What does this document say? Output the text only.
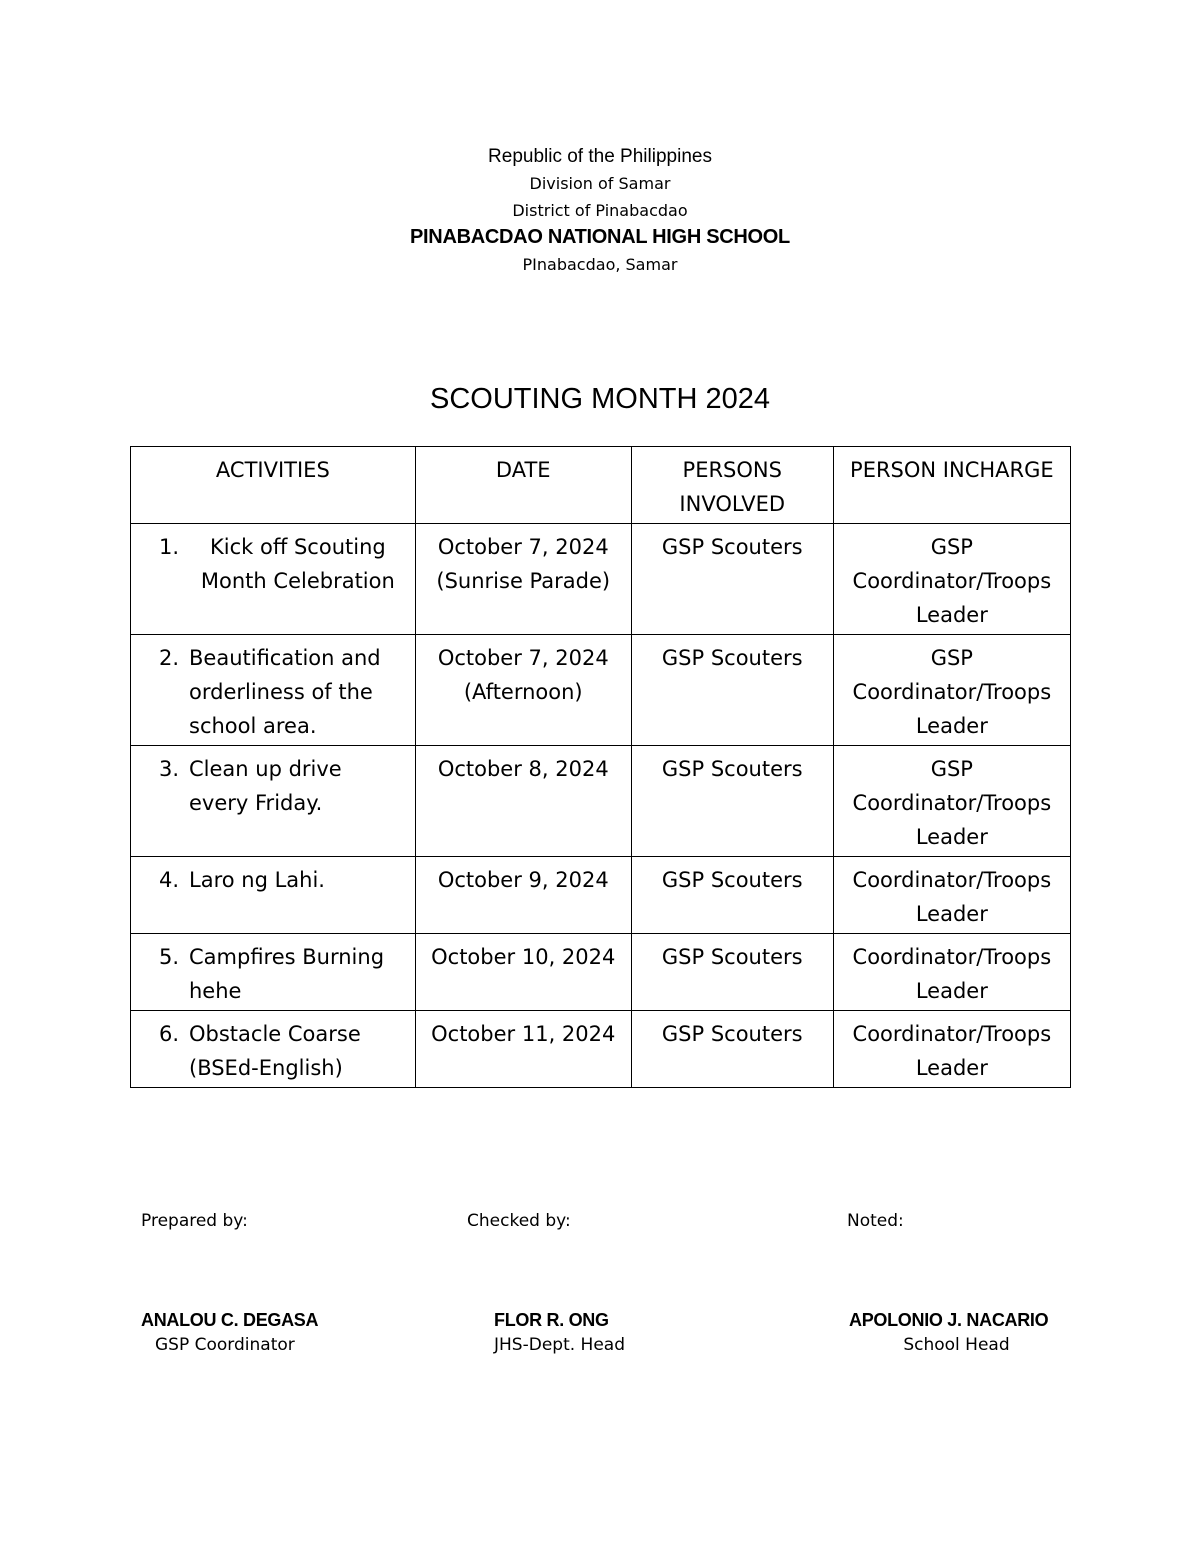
Republic of the Philippines
Division of Samar
District of Pinabacdao
PINABACDAO NATIONAL HIGH SCHOOL
PInabacdao, Samar
SCOUTING MONTH 2024
ACTIVITIES	DATE	PERSONS INVOLVED	PERSON INCHARGE

1. Kick off Scouting Month Celebration	October 7, 2024 (Sunrise Parade)	GSP Scouters	GSP Coordinator/Troops Leader

2. Beautification and orderliness of the school area.	October 7, 2024 (Afternoon)	GSP Scouters	GSP Coordinator/Troops Leader

3. Clean up drive every Friday.	October 8, 2024	GSP Scouters	GSP Coordinator/Troops Leader

4. Laro ng Lahi.	October 9, 2024	GSP Scouters	Coordinator/Troops Leader

5. Campfires Burning hehe	October 10, 2024	GSP Scouters	Coordinator/Troops Leader

6. Obstacle Coarse (BSEd-English)	October 11, 2024	GSP Scouters	Coordinator/Troops Leader
Prepared by:	Checked by:	Noted:
ANALOU C. DEGASA
GSP Coordinator
FLOR R. ONG
JHS-Dept. Head
APOLONIO J. NACARIO
School Head
